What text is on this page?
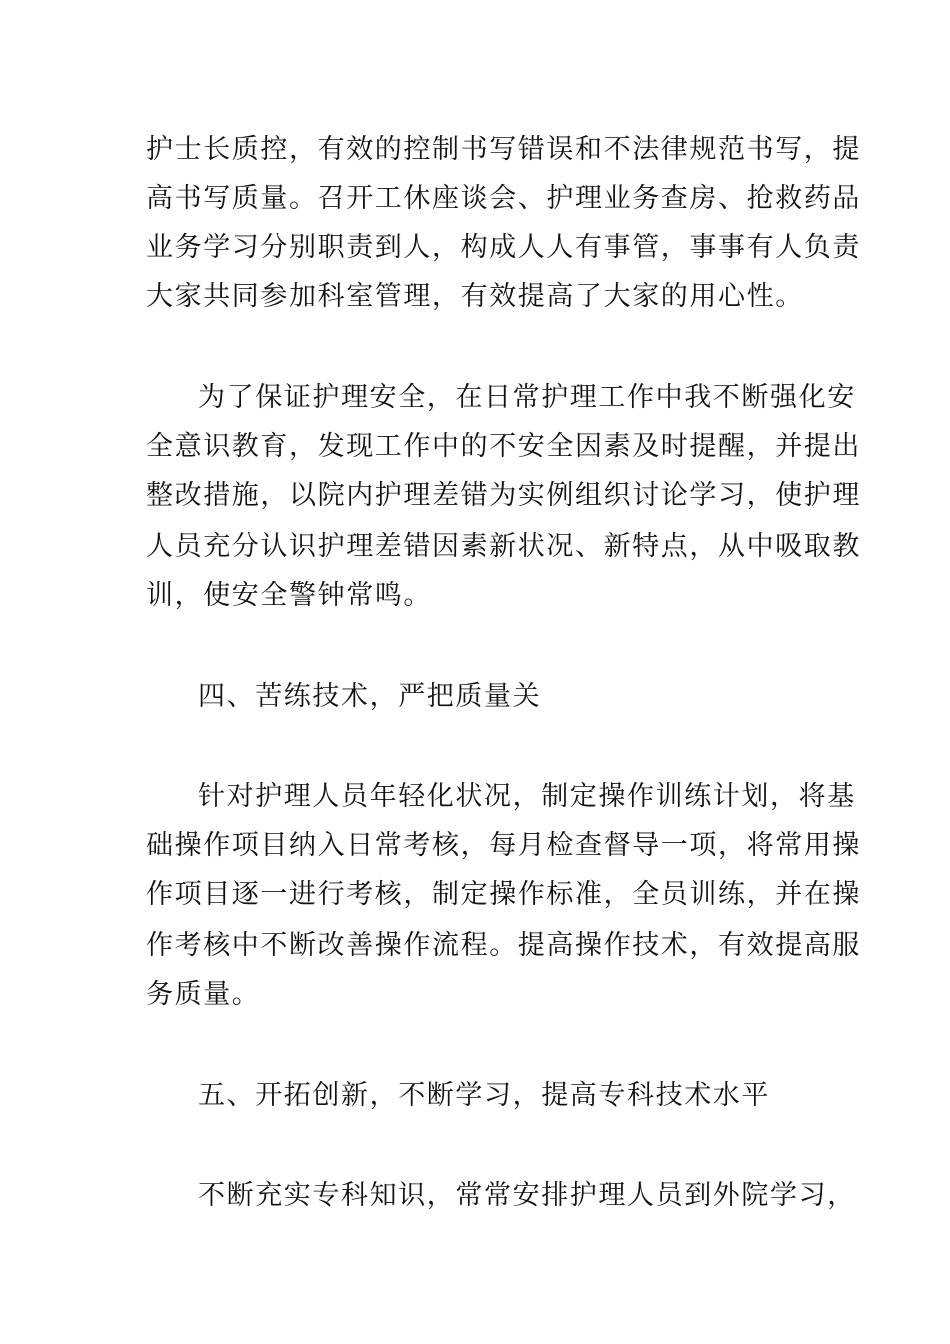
护士长质控，有效的控制书写错误和不法律规范书写，提
高书写质量。召开工休座谈会、护理业务查房、抢救药品
业务学习分别职责到人，构成人人有事管，事事有人负责
大家共同参加科室管理，有效提高了大家的用心性。
为了保证护理安全，在日常护理工作中我不断强化安
全意识教育，发现工作中的不安全因素及时提醒，并提出
整改措施，以院内护理差错为实例组织讨论学习，使护理
人员充分认识护理差错因素新状况、新特点，从中吸取教
训，使安全警钟常鸣。
四、苦练技术，严把质量关
针对护理人员年轻化状况，制定操作训练计划，将基
础操作项目纳入日常考核，每月检查督导一项，将常用操
作项目逐一进行考核，制定操作标准，全员训练，并在操
作考核中不断改善操作流程。提高操作技术，有效提高服
务质量。
五、开拓创新，不断学习，提高专科技术水平
不断充实专科知识，常常安排护理人员到外院学习，
